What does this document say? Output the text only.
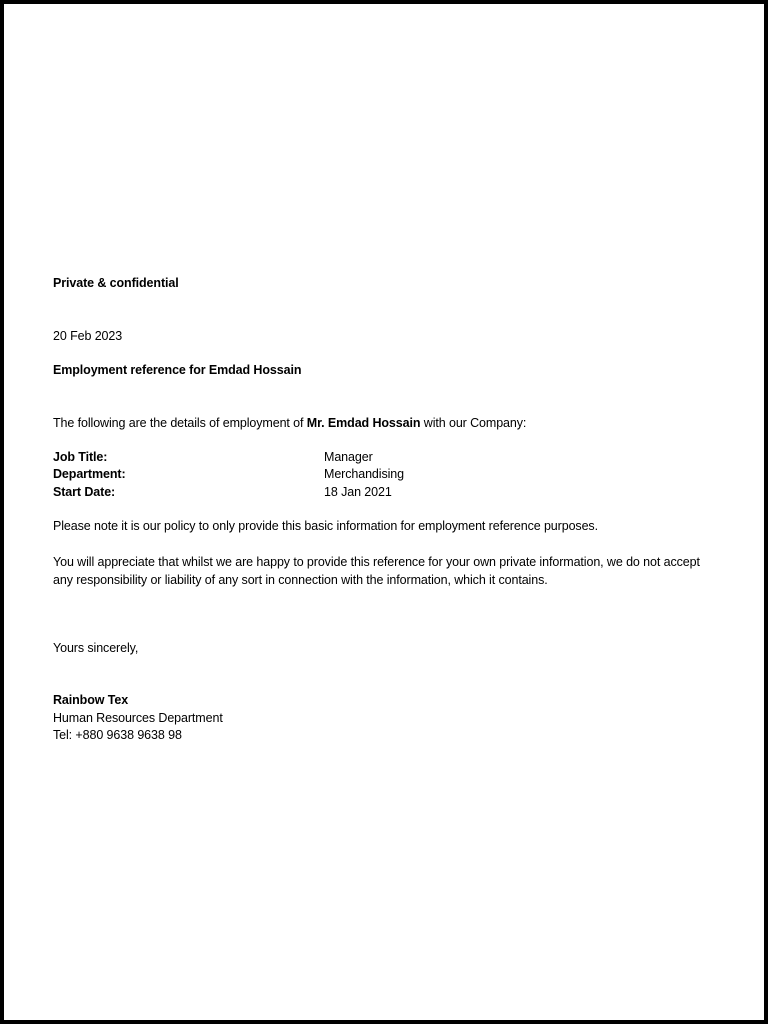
Private & confidential
20 Feb 2023
Employment reference for Emdad Hossain
The following are the details of employment of Mr. Emdad Hossain with our Company:
Job Title:	Manager
Department:	Merchandising
Start Date:	18 Jan 2021
Please note it is our policy to only provide this basic information for employment reference purposes.
You will appreciate that whilst we are happy to provide this reference for your own private information, we do not accept any responsibility or liability of any sort in connection with the information, which it contains.
Yours sincerely,
Rainbow Tex
Human Resources Department
Tel: +880 9638 9638 98
